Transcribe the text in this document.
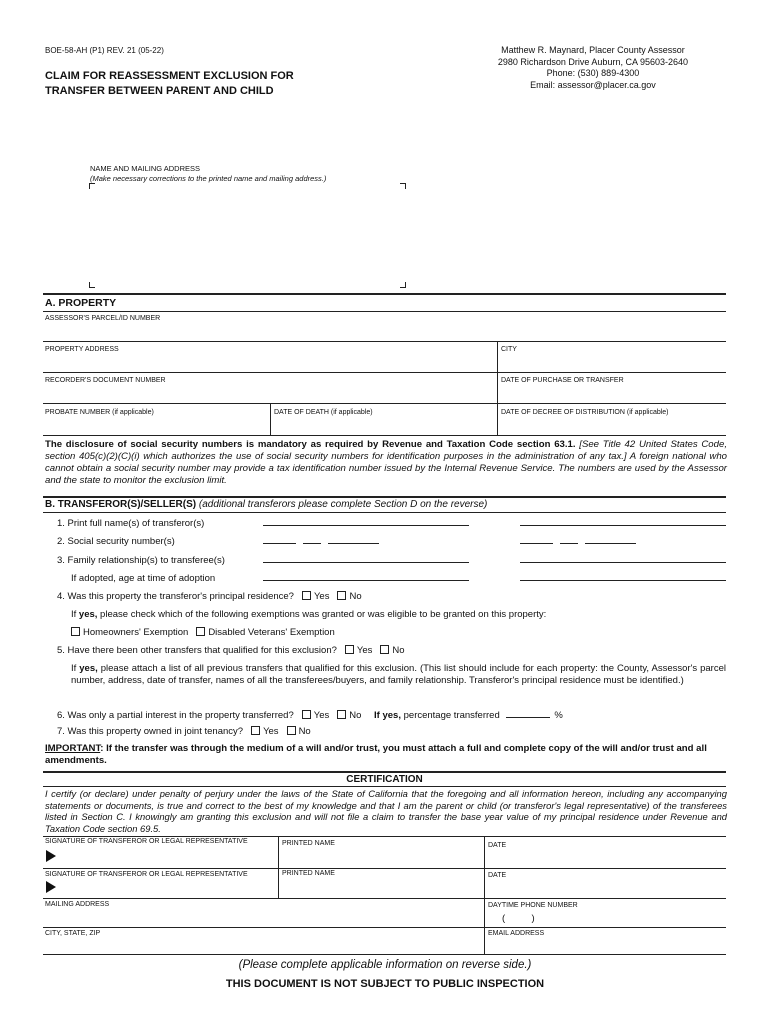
BOE-58-AH (P1) REV. 21 (05-22)
CLAIM FOR REASSESSMENT EXCLUSION FOR
TRANSFER BETWEEN PARENT AND CHILD
Matthew R. Maynard, Placer County Assessor
2980 Richardson Drive Auburn, CA 95603-2640
Phone: (530) 889-4300
Email: assessor@placer.ca.gov
NAME AND MAILING ADDRESS
(Make necessary corrections to the printed name and mailing address.)
A. PROPERTY
ASSESSOR'S PARCEL/ID NUMBER
PROPERTY ADDRESS	CITY
RECORDER'S DOCUMENT NUMBER	DATE OF PURCHASE OR TRANSFER
PROBATE NUMBER (if applicable)	DATE OF DEATH (if applicable)	DATE OF DECREE OF DISTRIBUTION (if applicable)
The disclosure of social security numbers is mandatory as required by Revenue and Taxation Code section 63.1. [See Title 42 United States Code, section 405(c)(2)(C)(i) which authorizes the use of social security numbers for identification purposes in the administration of any tax.] A foreign national who cannot obtain a social security number may provide a tax identification number issued by the Internal Revenue Service. The numbers are used by the Assessor and the state to monitor the exclusion limit.
B. TRANSFEROR(S)/SELLER(S) (additional transferors please complete Section D on the reverse)
1. Print full name(s) of transferor(s)
2. Social security number(s)
3. Family relationship(s) to transferee(s)
If adopted, age at time of adoption
4. Was this property the transferor's principal residence? Yes No
If yes, please check which of the following exemptions was granted or was eligible to be granted on this property:
Homeowners' Exemption Disabled Veterans' Exemption
5. Have there been other transfers that qualified for this exclusion? Yes No
If yes, please attach a list of all previous transfers that qualified for this exclusion. (This list should include for each property: the County, Assessor's parcel number, address, date of transfer, names of all the transferees/buyers, and family relationship. Transferor's principal residence must be identified.)
6. Was only a partial interest in the property transferred? Yes No If yes, percentage transferred	%
7. Was this property owned in joint tenancy? Yes No
IMPORTANT: If the transfer was through the medium of a will and/or trust, you must attach a full and complete copy of the will and/or trust and all amendments.
CERTIFICATION
I certify (or declare) under penalty of perjury under the laws of the State of California that the foregoing and all information hereon, including any accompanying statements or documents, is true and correct to the best of my knowledge and that I am the parent or child (or transferor's legal representative) of the transferees listed in Section C. I knowingly am granting this exclusion and will not file a claim to transfer the base year value of my principal residence under Revenue and Taxation Code section 69.5.
SIGNATURE OF TRANSFEROR OR LEGAL REPRESENTATIVE	PRINTED NAME	DATE
SIGNATURE OF TRANSFEROR OR LEGAL REPRESENTATIVE	PRINTED NAME	DATE
MAILING ADDRESS	DAYTIME PHONE NUMBER
(          )
CITY, STATE, ZIP	EMAIL ADDRESS
(Please complete applicable information on reverse side.)
THIS DOCUMENT IS NOT SUBJECT TO PUBLIC INSPECTION
